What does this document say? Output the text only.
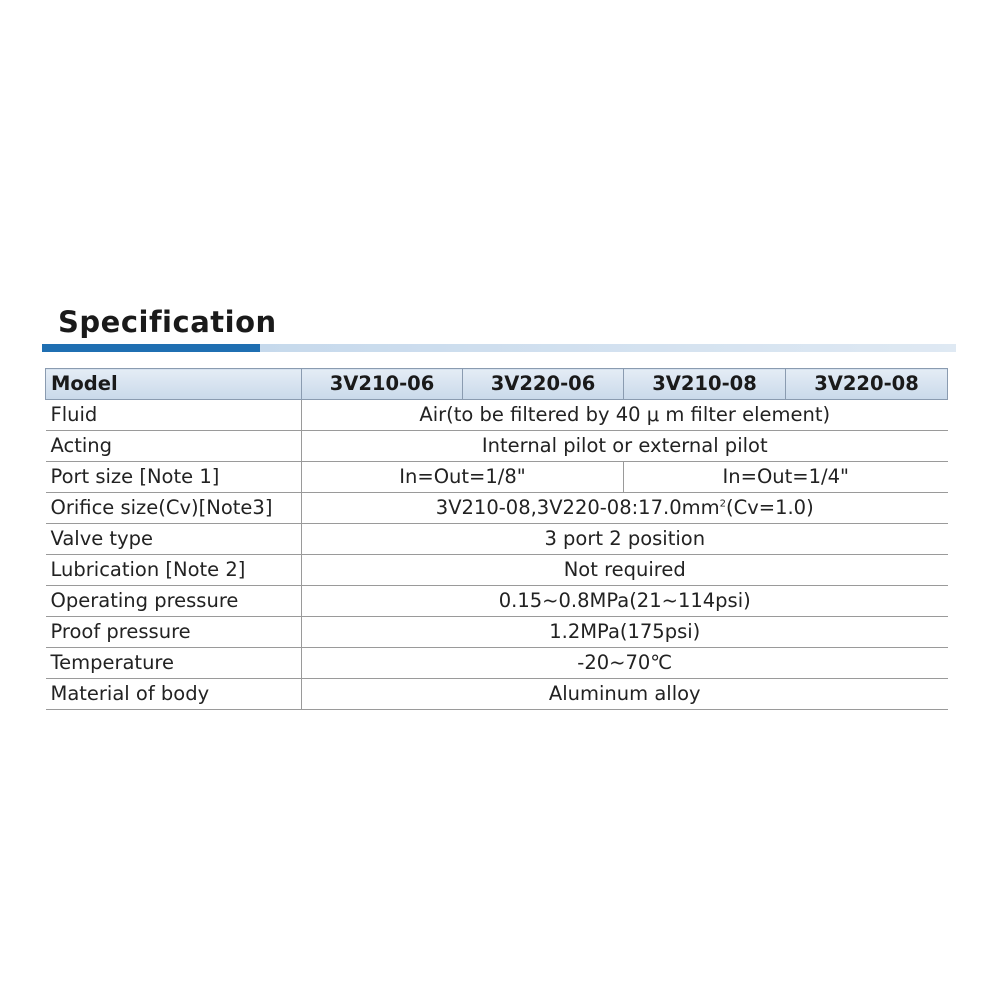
Specification
Model	3V210-06	3V220-06	3V210-08	3V220-08
Fluid	Air(to be filtered by 40 μ m filter element)			
Acting	Internal pilot or external pilot			
Port size [Note 1]	In=Out=1/8"		In=Out=1/4"	
Orifice size(Cv)[Note3]	$3V210-08,3V220-08:17.0mm^2(Cv=1.0)$			
Valve type	3 port 2 position			
Lubrication [Note 2]	Not required			
Operating pressure	0.15~0.8MPa(21~114psi)			
Proof pressure	1.2MPa(175psi)			
Temperature	-20~70℃			
Material of body	Aluminum alloy			
